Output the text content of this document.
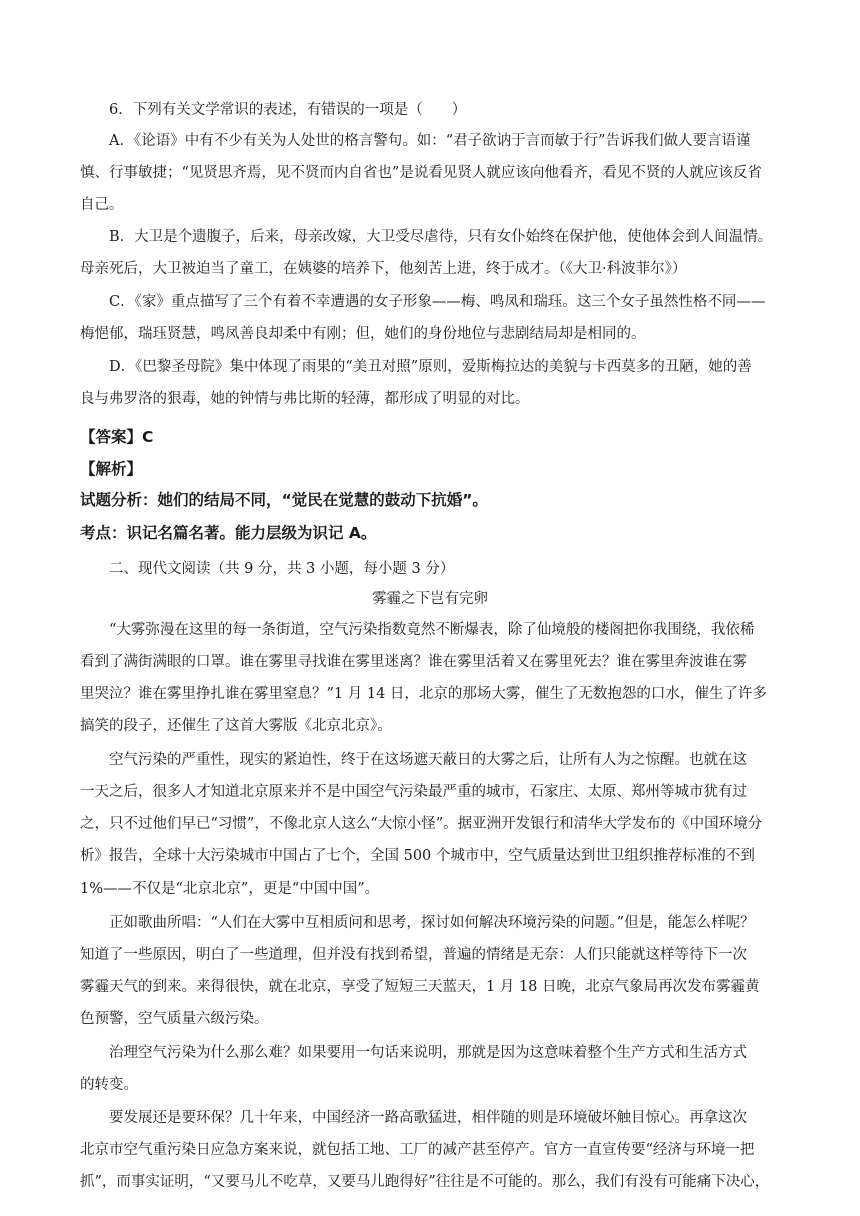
6．下列有关文学常识的表述，有错误的一项是（　　）
A．《论语》中有不少有关为人处世的格言警句。如：“君子欲讷于言而敏于行”告诉我们做人要言语谨
慎、行事敏捷；“见贤思齐焉，见不贤而内自省也”是说看见贤人就应该向他看齐，看见不贤的人就应该反省
自己。
B．大卫是个遗腹子，后来，母亲改嫁，大卫受尽虐待，只有女仆始终在保护他，使他体会到人间温情。
母亲死后，大卫被迫当了童工，在姨婆的培养下，他刻苦上进，终于成才。（《大卫·科波菲尔》）
C．《家》重点描写了三个有着不幸遭遇的女子形象——梅、鸣凤和瑞珏。这三个女子虽然性格不同——
梅悒郁，瑞珏贤慧，鸣凤善良却柔中有刚；但，她们的身份地位与悲剧结局却是相同的。
D．《巴黎圣母院》集中体现了雨果的“美丑对照”原则，爱斯梅拉达的美貌与卡西莫多的丑陋，她的善
良与弗罗洛的狠毒，她的钟情与弗比斯的轻薄，都形成了明显的对比。
【答案】C
【解析】
试题分析：她们的结局不同，“觉民在觉慧的鼓动下抗婚”。
考点：识记名篇名著。能力层级为识记 A。
二、现代文阅读（共 9 分，共 3 小题，每小题 3 分）
雾霾之下岂有完卵
“大雾弥漫在这里的每一条街道，空气污染指数竟然不断爆表，除了仙境般的楼阁把你我围绕，我依稀
看到了满街满眼的口罩。谁在雾里寻找谁在雾里迷离？谁在雾里活着又在雾里死去？谁在雾里奔波谁在雾
里哭泣？谁在雾里挣扎谁在雾里窒息？”1 月 14 日，北京的那场大雾，催生了无数抱怨的口水，催生了许多
搞笑的段子，还催生了这首大雾版《北京北京》。
空气污染的严重性，现实的紧迫性，终于在这场遮天蔽日的大雾之后，让所有人为之惊醒。也就在这
一天之后，很多人才知道北京原来并不是中国空气污染最严重的城市，石家庄、太原、郑州等城市犹有过
之，只不过他们早已“习惯”，不像北京人这么“大惊小怪”。据亚洲开发银行和清华大学发布的《中国环境分
析》报告，全球十大污染城市中国占了七个，全国 500 个城市中，空气质量达到世卫组织推荐标准的不到
1%——不仅是“北京北京”，更是“中国中国”。
正如歌曲所唱：“人们在大雾中互相质问和思考，探讨如何解决环境污染的问题。”但是，能怎么样呢？
知道了一些原因，明白了一些道理，但并没有找到希望，普遍的情绪是无奈：人们只能就这样等待下一次
雾霾天气的到来。来得很快，就在北京，享受了短短三天蓝天，1 月 18 日晚，北京气象局再次发布雾霾黄
色预警，空气质量六级污染。
治理空气污染为什么那么难？如果要用一句话来说明，那就是因为这意味着整个生产方式和生活方式
的转变。
要发展还是要环保？几十年来，中国经济一路高歌猛进，相伴随的则是环境破坏触目惊心。再拿这次
北京市空气重污染日应急方案来说，就包括工地、工厂的减产甚至停产。官方一直宣传要“经济与环境一把
抓”，而事实证明，“又要马儿不吃草，又要马儿跑得好”往往是不可能的。那么，我们有没有可能痛下决心，
